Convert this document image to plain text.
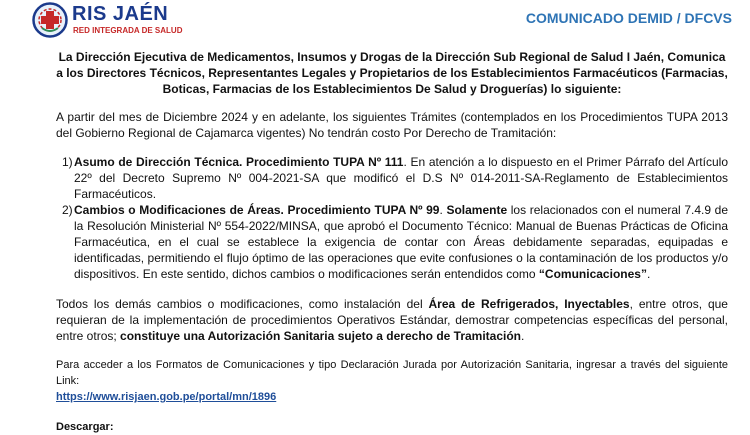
RIS JAÉN
RED INTEGRADA DE SALUD
COMUNICADO DEMID / DFCVS

La Dirección Ejecutiva de Medicamentos, Insumos y Drogas de la Dirección Sub Regional de Salud I Jaén, Comunica a los Directores Técnicos, Representantes Legales y Propietarios de los Establecimientos Farmacéuticos (Farmacias, Boticas, Farmacias de los Establecimientos De Salud y Droguerías) lo siguiente:

A partir del mes de Diciembre 2024 y en adelante, los siguientes Trámites (contemplados en los Procedimientos TUPA 2013 del Gobierno Regional de Cajamarca vigentes) No tendrán costo Por Derecho de Tramitación:

1) Asumo de Dirección Técnica. Procedimiento TUPA Nº 111. En atención a lo dispuesto en el Primer Párrafo del Artículo 22º del Decreto Supremo Nº 004-2021-SA que modificó el D.S Nº 014-2011-SA-Reglamento de Establecimientos Farmacéuticos.

2) Cambios o Modificaciones de Áreas. Procedimiento TUPA Nº 99. Solamente los relacionados con el numeral 7.4.9 de la Resolución Ministerial Nº 554-2022/MINSA, que aprobó el Documento Técnico: Manual de Buenas Prácticas de Oficina Farmacéutica, en el cual se establece la exigencia de contar con Áreas debidamente separadas, equipadas e identificadas, permitiendo el flujo óptimo de las operaciones que evite confusiones o la contaminación de los productos y/o dispositivos. En este sentido, dichos cambios o modificaciones serán entendidos como “Comunicaciones”.

Todos los demás cambios o modificaciones, como instalación del Área de Refrigerados, Inyectables, entre otros, que requieran de la implementación de procedimientos Operativos Estándar, demostrar competencias específicas del personal, entre otros; constituye una Autorización Sanitaria sujeto a derecho de Tramitación.

Para acceder a los Formatos de Comunicaciones y tipo Declaración Jurada por Autorización Sanitaria, ingresar a través del siguiente Link:

https://www.risjaen.gob.pe/portal/mn/1896

Descargar:
